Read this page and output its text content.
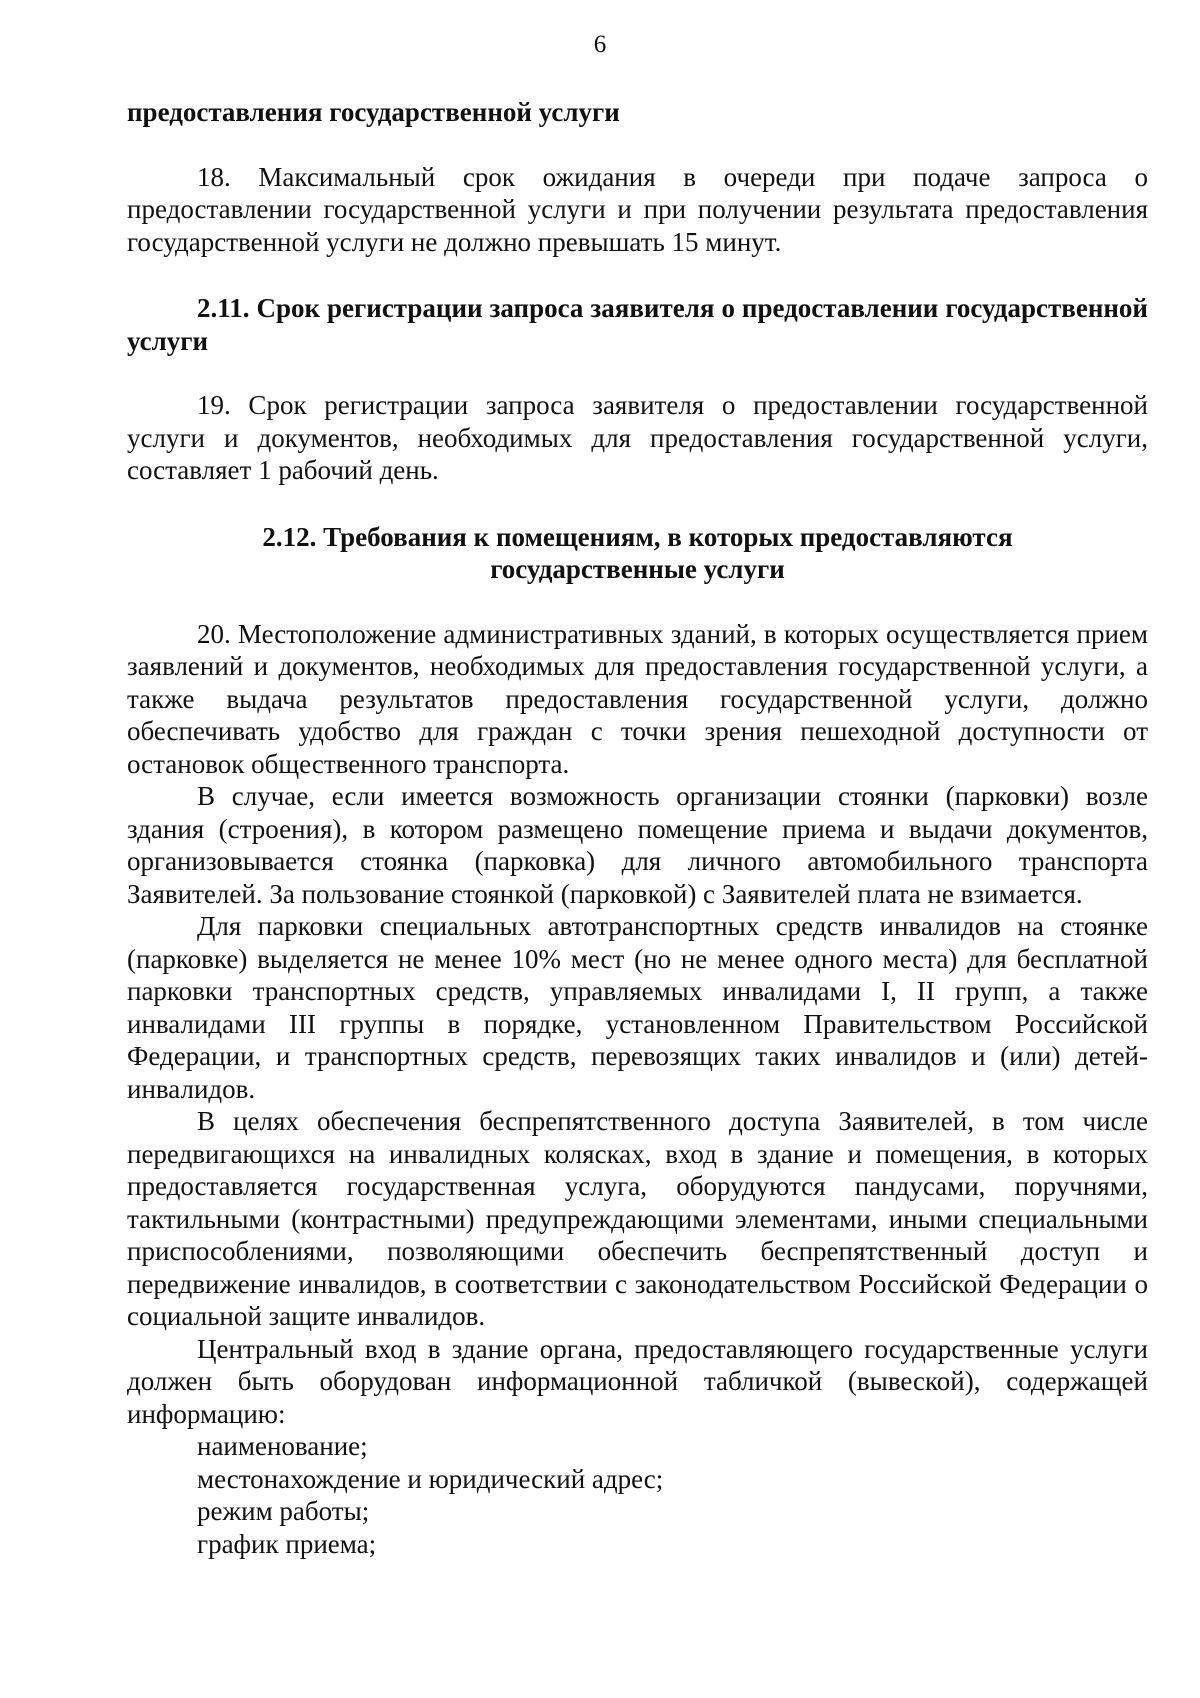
6

предоставления государственной услуги

18. Максимальный срок ожидания в очереди при подаче запроса о предоставлении государственной услуги и при получении результата предоставления государственной услуги не должно превышать 15 минут.

2.11. Срок регистрации запроса заявителя о предоставлении государственной услуги

19. Срок регистрации запроса заявителя о предоставлении государственной услуги и документов, необходимых для предоставления государственной услуги, составляет 1 рабочий день.

2.12. Требования к помещениям, в которых предоставляются
государственные услуги

20. Местоположение административных зданий, в которых осуществляется прием заявлений и документов, необходимых для предоставления государственной услуги, а также выдача результатов предоставления государственной услуги, должно обеспечивать удобство для граждан с точки зрения пешеходной доступности от остановок общественного транспорта.

В случае, если имеется возможность организации стоянки (парковки) возле здания (строения), в котором размещено помещение приема и выдачи документов, организовывается стоянка (парковка) для личного автомобильного транспорта Заявителей. За пользование стоянкой (парковкой) с Заявителей плата не взимается.

Для парковки специальных автотранспортных средств инвалидов на стоянке (парковке) выделяется не менее 10% мест (но не менее одного места) для бесплатной парковки транспортных средств, управляемых инвалидами I, II групп, а также инвалидами III группы в порядке, установленном Правительством Российской Федерации, и транспортных средств, перевозящих таких инвалидов и (или) детей-инвалидов.

В целях обеспечения беспрепятственного доступа Заявителей, в том числе передвигающихся на инвалидных колясках, вход в здание и помещения, в которых предоставляется государственная услуга, оборудуются пандусами, поручнями, тактильными (контрастными) предупреждающими элементами, иными специальными приспособлениями, позволяющими обеспечить беспрепятственный доступ и передвижение инвалидов, в соответствии с законодательством Российской Федерации о социальной защите инвалидов.

Центральный вход в здание органа, предоставляющего государственные услуги должен быть оборудован информационной табличкой (вывеской), содержащей информацию:

наименование;
местонахождение и юридический адрес;
режим работы;
график приема;
